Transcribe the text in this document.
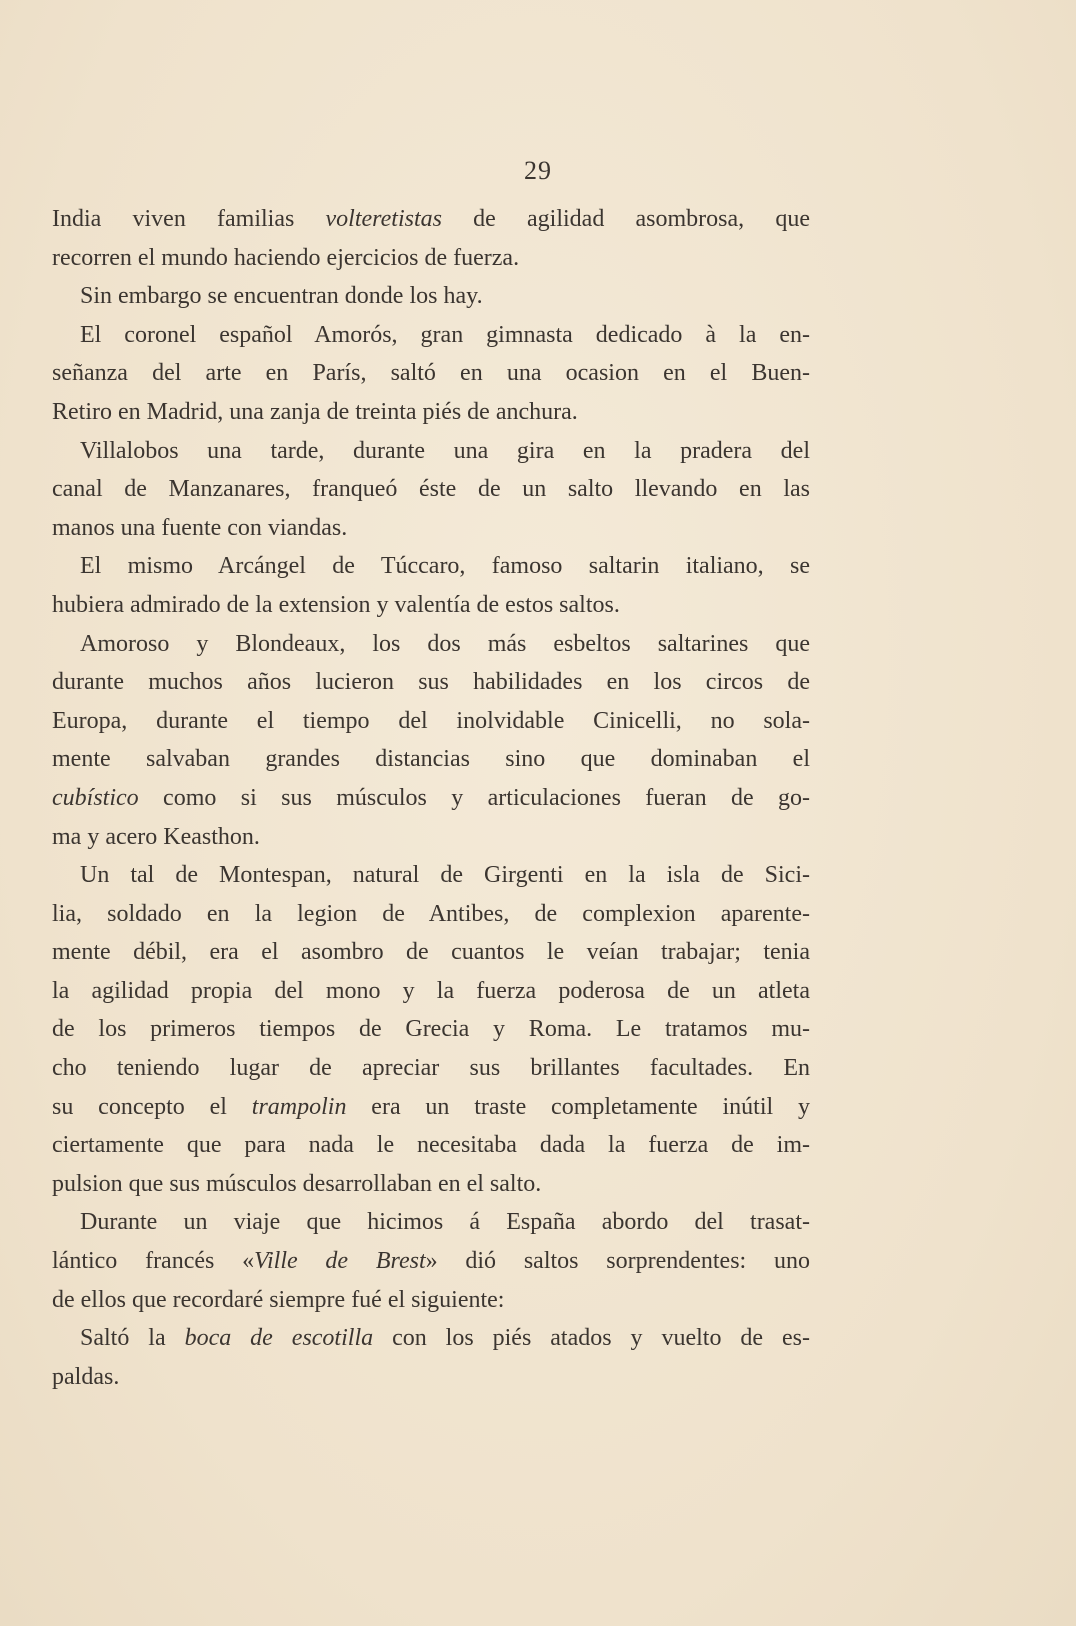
29
India viven familias volteretistas de agilidad asombrosa, que
recorren el mundo haciendo ejercicios de fuerza.
Sin embargo se encuentran donde los hay.
El coronel español Amorós, gran gimnasta dedicado à la en-
señanza del arte en París, saltó en una ocasion en el Buen-
Retiro en Madrid, una zanja de treinta piés de anchura.
Villalobos una tarde, durante una gira en la pradera del
canal de Manzanares, franqueó éste de un salto llevando en las
manos una fuente con viandas.
El mismo Arcángel de Túccaro, famoso saltarin italiano, se
hubiera admirado de la extension y valentía de estos saltos.
Amoroso y Blondeaux, los dos más esbeltos saltarines que
durante muchos años lucieron sus habilidades en los circos de
Europa, durante el tiempo del inolvidable Cinicelli, no sola-
mente salvaban grandes distancias sino que dominaban el
cubístico como si sus músculos y articulaciones fueran de go-
ma y acero Keasthon.
Un tal de Montespan, natural de Girgenti en la isla de Sici-
lia, soldado en la legion de Antibes, de complexion aparente-
mente débil, era el asombro de cuantos le veían trabajar; tenia
la agilidad propia del mono y la fuerza poderosa de un atleta
de los primeros tiempos de Grecia y Roma. Le tratamos mu-
cho teniendo lugar de apreciar sus brillantes facultades. En
su concepto el trampolin era un traste completamente inútil y
ciertamente que para nada le necesitaba dada la fuerza de im-
pulsion que sus músculos desarrollaban en el salto.
Durante un viaje que hicimos á España abordo del trasat-
lántico francés «Ville de Brest» dió saltos sorprendentes: uno
de ellos que recordaré siempre fué el siguiente:
Saltó la boca de escotilla con los piés atados y vuelto de es-
paldas.
